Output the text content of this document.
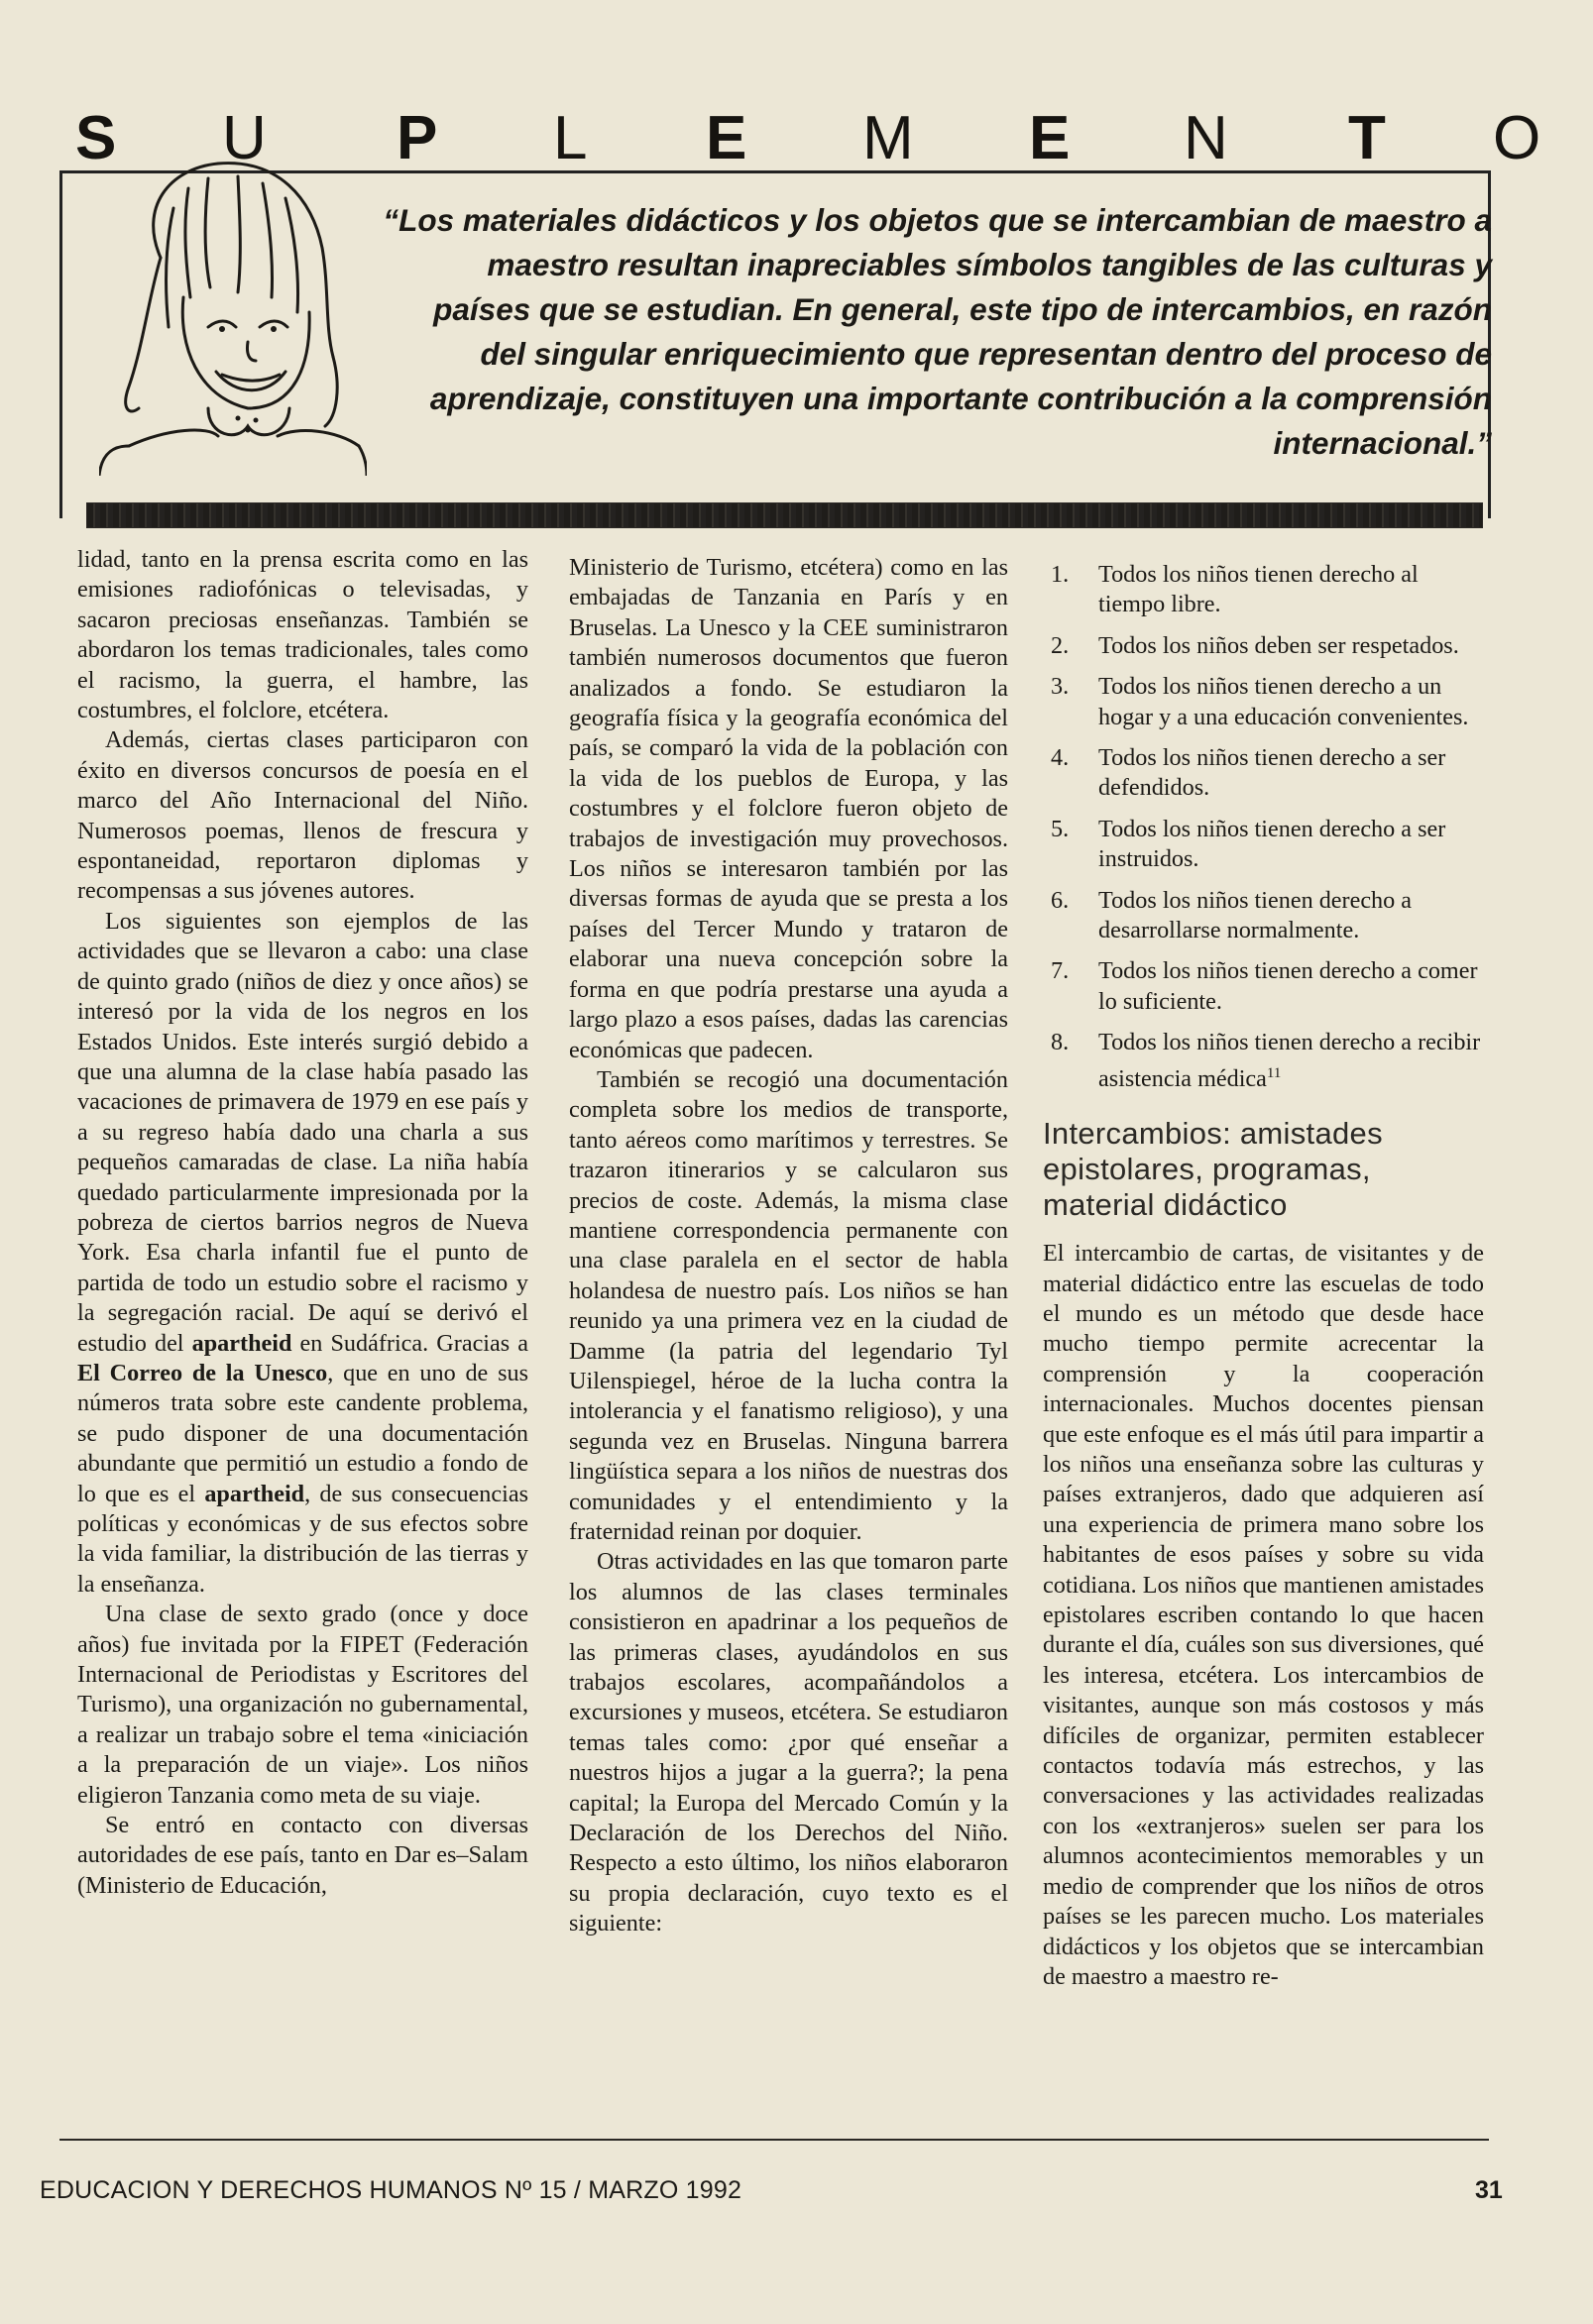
S U P L E M E N T O

“Los materiales didácticos y los objetos que se intercambian de maestro a maestro resultan inapreciables símbolos tangibles de las culturas y países que se estudian. En general, este tipo de intercambios, en razón del singular enriquecimiento que representan dentro del proceso de aprendizaje, constituyen una importante contribución a la comprensión internacional.”

lidad, tanto en la prensa escrita como en las emisiones radiofónicas o televisadas, y sacaron preciosas enseñanzas. También se abordaron los temas tradicionales, tales como el racismo, la guerra, el hambre, las costumbres, el folclore, etcétera.

Además, ciertas clases participaron con éxito en diversos concursos de poesía en el marco del Año Internacional del Niño. Numerosos poemas, llenos de frescura y espontaneidad, reportaron diplomas y recompensas a sus jóvenes autores.

Los siguientes son ejemplos de las actividades que se llevaron a cabo: una clase de quinto grado (niños de diez y once años) se interesó por la vida de los negros en los Estados Unidos. Este interés surgió debido a que una alumna de la clase había pasado las vacaciones de primavera de 1979 en ese país y a su regreso había dado una charla a sus pequeños camaradas de clase. La niña había quedado particularmente impresionada por la pobreza de ciertos barrios negros de Nueva York. Esa charla infantil fue el punto de partida de todo un estudio sobre el racismo y la segregación racial. De aquí se derivó el estudio del apartheid en Sudáfrica. Gracias a El Correo de la Unesco, que en uno de sus números trata sobre este candente problema, se pudo disponer de una documentación abundante que permitió un estudio a fondo de lo que es el apartheid, de sus consecuencias políticas y económicas y de sus efectos sobre la vida familiar, la distribución de las tierras y la enseñanza.

Una clase de sexto grado (once y doce años) fue invitada por la FIPET (Federación Internacional de Periodistas y Escritores del Turismo), una organización no gubernamental, a realizar un trabajo sobre el tema «iniciación a la preparación de un viaje». Los niños eligieron Tanzania como meta de su viaje.

Se entró en contacto con diversas autoridades de ese país, tanto en Dar es–Salam (Ministerio de Educación,

Ministerio de Turismo, etcétera) como en las embajadas de Tanzania en París y en Bruselas. La Unesco y la CEE suministraron también numerosos documentos que fueron analizados a fondo. Se estudiaron la geografía física y la geografía económica del país, se comparó la vida de la población con la vida de los pueblos de Europa, y las costumbres y el folclore fueron objeto de trabajos de investigación muy provechosos. Los niños se interesaron también por las diversas formas de ayuda que se presta a los países del Tercer Mundo y trataron de elaborar una nueva concepción sobre la forma en que podría prestarse una ayuda a largo plazo a esos países, dadas las carencias económicas que padecen.

También se recogió una documentación completa sobre los medios de transporte, tanto aéreos como marítimos y terrestres. Se trazaron itinerarios y se calcularon sus precios de coste. Además, la misma clase mantiene correspondencia permanente con una clase paralela en el sector de habla holandesa de nuestro país. Los niños se han reunido ya una primera vez en la ciudad de Damme (la patria del legendario Tyl Uilenspiegel, héroe de la lucha contra la intolerancia y el fanatismo religioso), y una segunda vez en Bruselas. Ninguna barrera lingüística separa a los niños de nuestras dos comunidades y el entendimiento y la fraternidad reinan por doquier.

Otras actividades en las que tomaron parte los alumnos de las clases terminales consistieron en apadrinar a los pequeños de las primeras clases, ayudándolos en sus trabajos escolares, acompañándolos a excursiones y museos, etcétera. Se estudiaron temas tales como: ¿por qué enseñar a nuestros hijos a jugar a la guerra?; la pena capital; la Europa del Mercado Común y la Declaración de los Derechos del Niño. Respecto a esto último, los niños elaboraron su propia declaración, cuyo texto es el siguiente:

1. Todos los niños tienen derecho al tiempo libre.
2. Todos los niños deben ser respetados.
3. Todos los niños tienen derecho a un hogar y a una educación convenientes.
4. Todos los niños tienen derecho a ser defendidos.
5. Todos los niños tienen derecho a ser instruidos.
6. Todos los niños tienen derecho a desarrollarse normalmente.
7. Todos los niños tienen derecho a comer lo suficiente.
8. Todos los niños tienen derecho a recibir asistencia médica$^{11}$
Intercambios: amistades epistolares, programas, material didáctico

El intercambio de cartas, de visitantes y de material didáctico entre las escuelas de todo el mundo es un método que desde hace mucho tiempo permite acrecentar la comprensión y la cooperación internacionales. Muchos docentes piensan que este enfoque es el más útil para impartir a los niños una enseñanza sobre las culturas y países extranjeros, dado que adquieren así una experiencia de primera mano sobre los habitantes de esos países y sobre su vida cotidiana. Los niños que mantienen amistades epistolares escriben contando lo que hacen durante el día, cuáles son sus diversiones, qué les interesa, etcétera. Los intercambios de visitantes, aunque son más costosos y más difíciles de organizar, permiten establecer contactos todavía más estrechos, y las conversaciones y las actividades realizadas con los «extranjeros» suelen ser para los alumnos acontecimientos memorables y un medio de comprender que los niños de otros países se les parecen mucho. Los materiales didácticos y los objetos que se intercambian de maestro a maestro re-

EDUCACION Y DERECHOS HUMANOS Nº 15 / MARZO 1992	31
